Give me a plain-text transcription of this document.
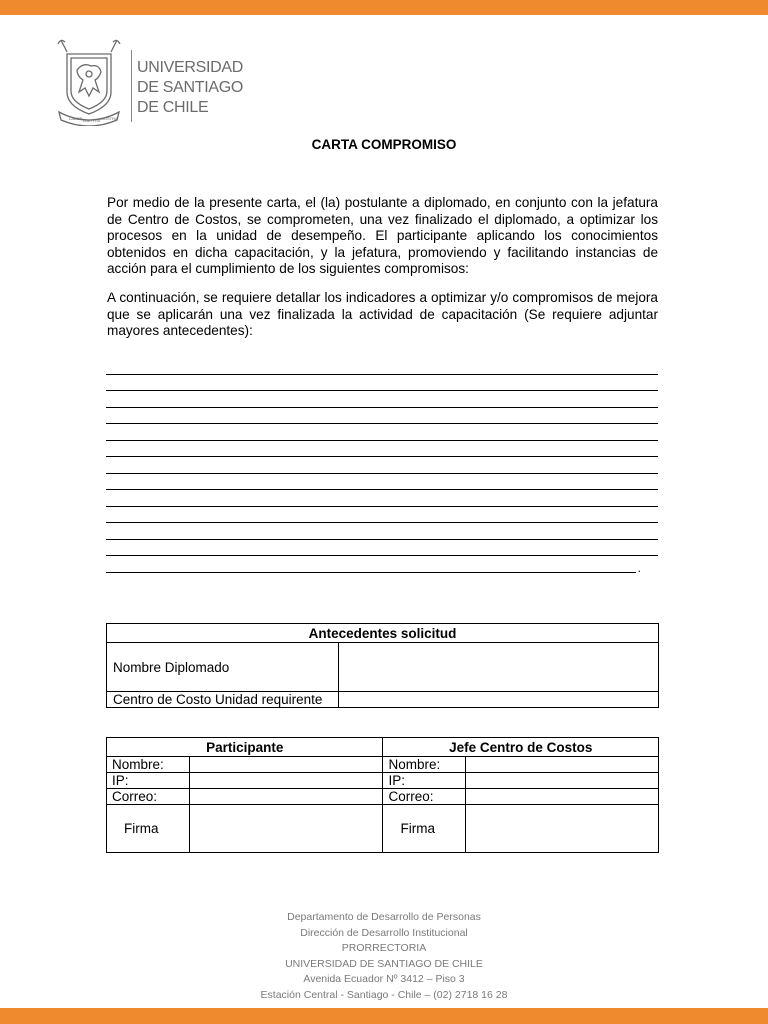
LABOR LAETITIA NOSTRA
UNIVERSIDAD
DE SANTIAGO
DE CHILE
CARTA COMPROMISO
Por medio de la presente carta, el (la) postulante a diplomado, en conjunto con la jefatura de Centro de Costos, se comprometen, una vez finalizado el diplomado, a optimizar los procesos en la unidad de desempeño. El participante aplicando los conocimientos obtenidos en dicha capacitación, y la jefatura, promoviendo y facilitando instancias de acción para el cumplimiento de los siguientes compromisos:
A continuación, se requiere detallar los indicadores a optimizar y/o compromisos de mejora que se aplicarán una vez finalizada la actividad de capacitación (Se requiere adjuntar mayores antecedentes):
.
Antecedentes solicitud	
Nombre Diplomado	
Centro de Costo Unidad requirente	
Participante		Jefe Centro de Costos	
Nombre:		Nombre:	
IP:		IP:	
Correo:		Correo:	
Firma		Firma	
Departamento de Desarrollo de Personas
Dirección de Desarrollo Institucional
PRORRECTORIA
UNIVERSIDAD DE SANTIAGO DE CHILE
Avenida Ecuador Nº 3412 – Piso 3
Estación Central - Santiago - Chile – (02) 2718 16 28
